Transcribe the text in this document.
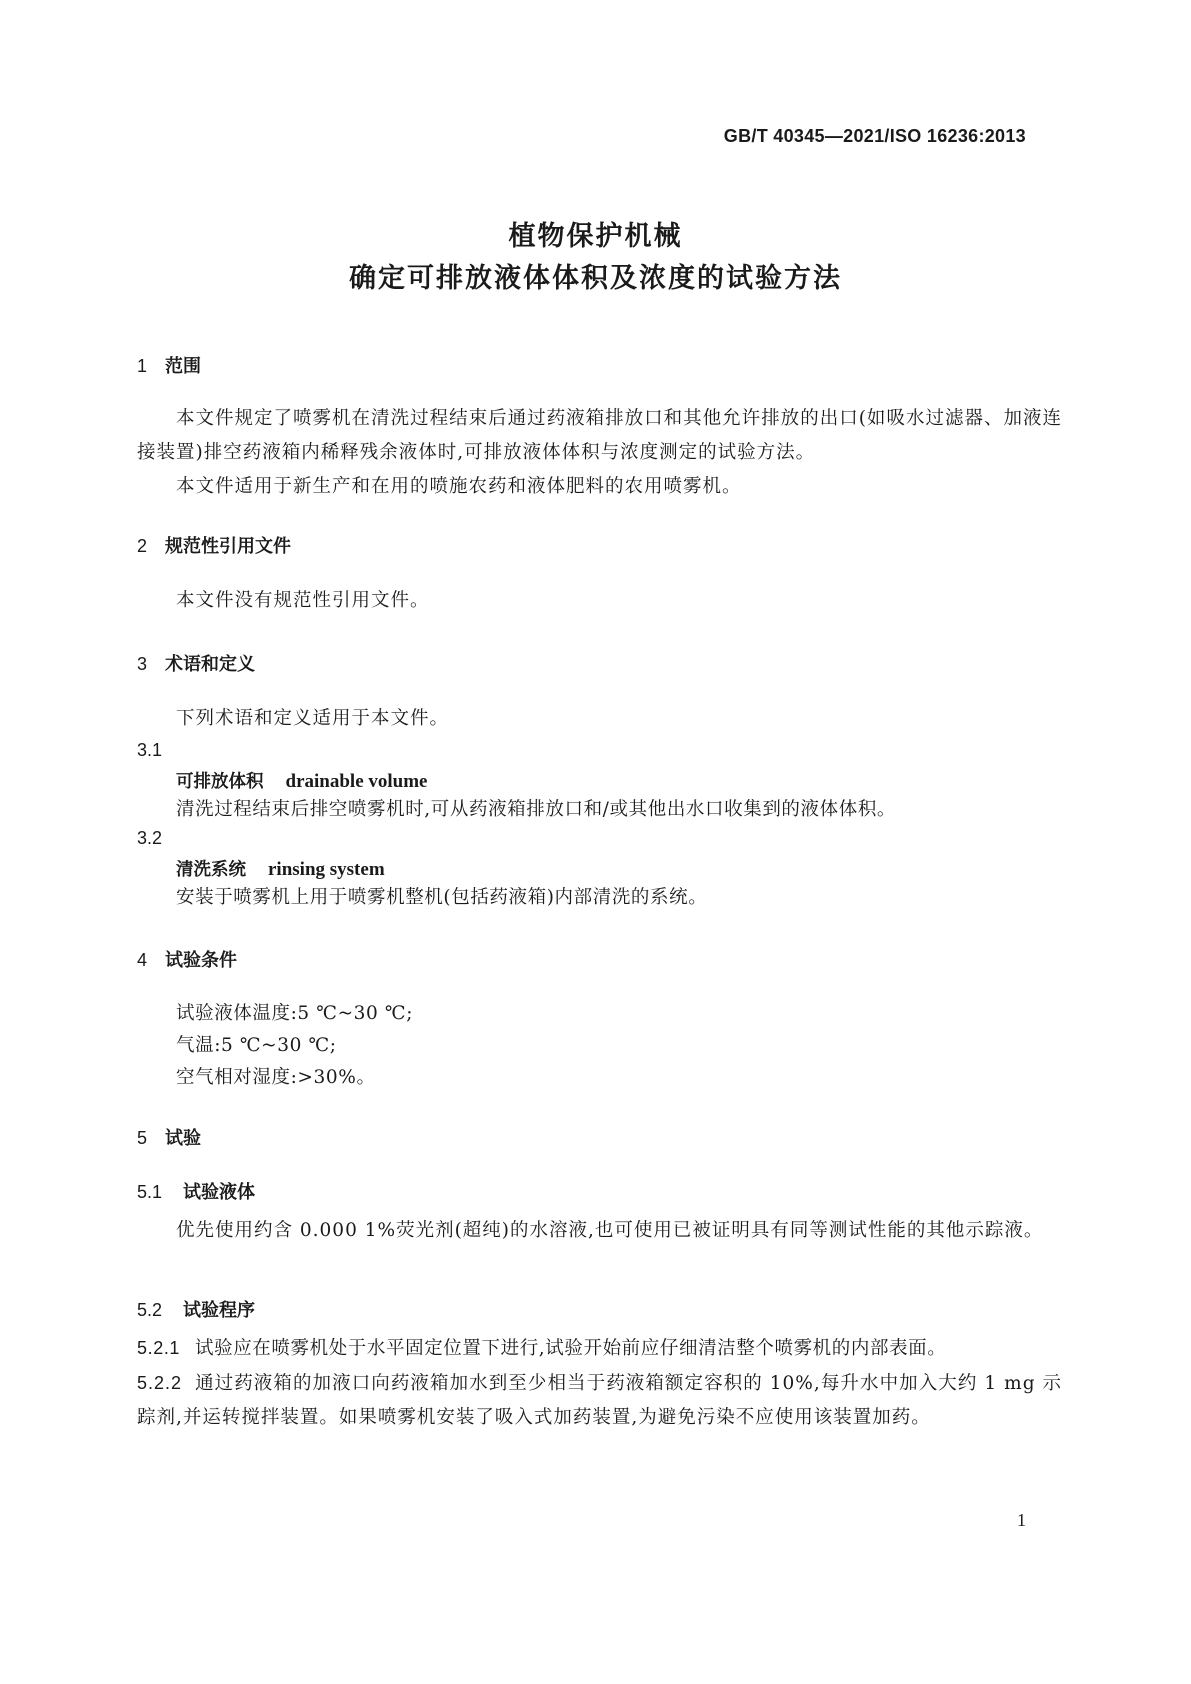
GB/T 40345—2021/ISO 16236:2013
植物保护机械
确定可排放液体体积及浓度的试验方法
1 范围
本文件规定了喷雾机在清洗过程结束后通过药液箱排放口和其他允许排放的出口(如吸水过滤器、加液连接装置)排空药液箱内稀释残余液体时,可排放液体体积与浓度测定的试验方法。
本文件适用于新生产和在用的喷施农药和液体肥料的农用喷雾机。
2 规范性引用文件
本文件没有规范性引用文件。
3 术语和定义
下列术语和定义适用于本文件。
3.1
可排放体积 drainable volume
清洗过程结束后排空喷雾机时,可从药液箱排放口和/或其他出水口收集到的液体体积。
3.2
清洗系统 rinsing system
安装于喷雾机上用于喷雾机整机(包括药液箱)内部清洗的系统。
4 试验条件
试验液体温度:5 ℃~30 ℃;
气温:5 ℃~30 ℃;
空气相对湿度:>30%。
5 试验
5.1 试验液体
优先使用约含 0.000 1%荧光剂(超纯)的水溶液,也可使用已被证明具有同等测试性能的其他示踪液。
5.2 试验程序
5.2.1 试验应在喷雾机处于水平固定位置下进行,试验开始前应仔细清洁整个喷雾机的内部表面。
5.2.2 通过药液箱的加液口向药液箱加水到至少相当于药液箱额定容积的 10%,每升水中加入大约 1 mg 示踪剂,并运转搅拌装置。如果喷雾机安装了吸入式加药装置,为避免污染不应使用该装置加药。
1
